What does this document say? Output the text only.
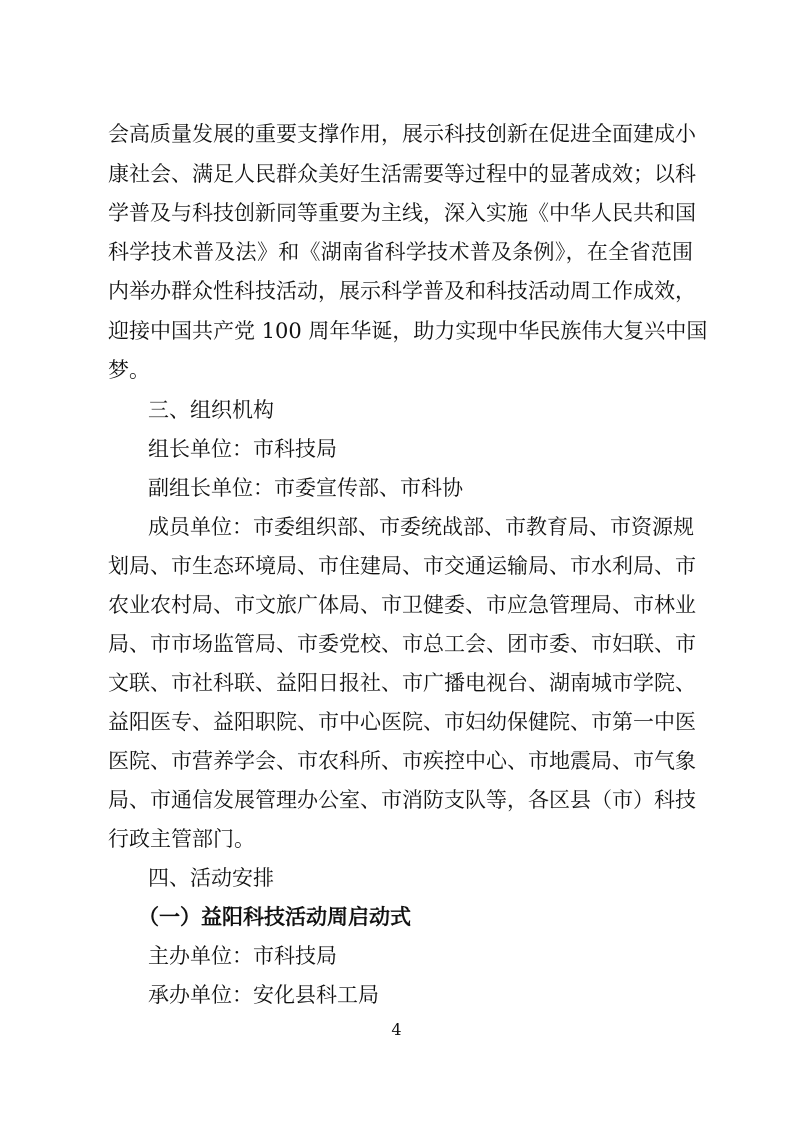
会高质量发展的重要支撑作用，展示科技创新在促进全面建成小
康社会、满足人民群众美好生活需要等过程中的显著成效；以科
学普及与科技创新同等重要为主线，深入实施《中华人民共和国
科学技术普及法》和《湖南省科学技术普及条例》，在全省范围
内举办群众性科技活动，展示科学普及和科技活动周工作成效，
迎接中国共产党 100 周年华诞，助力实现中华民族伟大复兴中国
梦。
三、组织机构
组长单位：市科技局
副组长单位：市委宣传部、市科协
成员单位：市委组织部、市委统战部、市教育局、市资源规
划局、市生态环境局、市住建局、市交通运输局、市水利局、市
农业农村局、市文旅广体局、市卫健委、市应急管理局、市林业
局、市市场监管局、市委党校、市总工会、团市委、市妇联、市
文联、市社科联、益阳日报社、市广播电视台、湖南城市学院、
益阳医专、益阳职院、市中心医院、市妇幼保健院、市第一中医
医院、市营养学会、市农科所、市疾控中心、市地震局、市气象
局、市通信发展管理办公室、市消防支队等，各区县（市）科技
行政主管部门。
四、活动安排
（一）益阳科技活动周启动式
主办单位：市科技局
承办单位：安化县科工局
4
